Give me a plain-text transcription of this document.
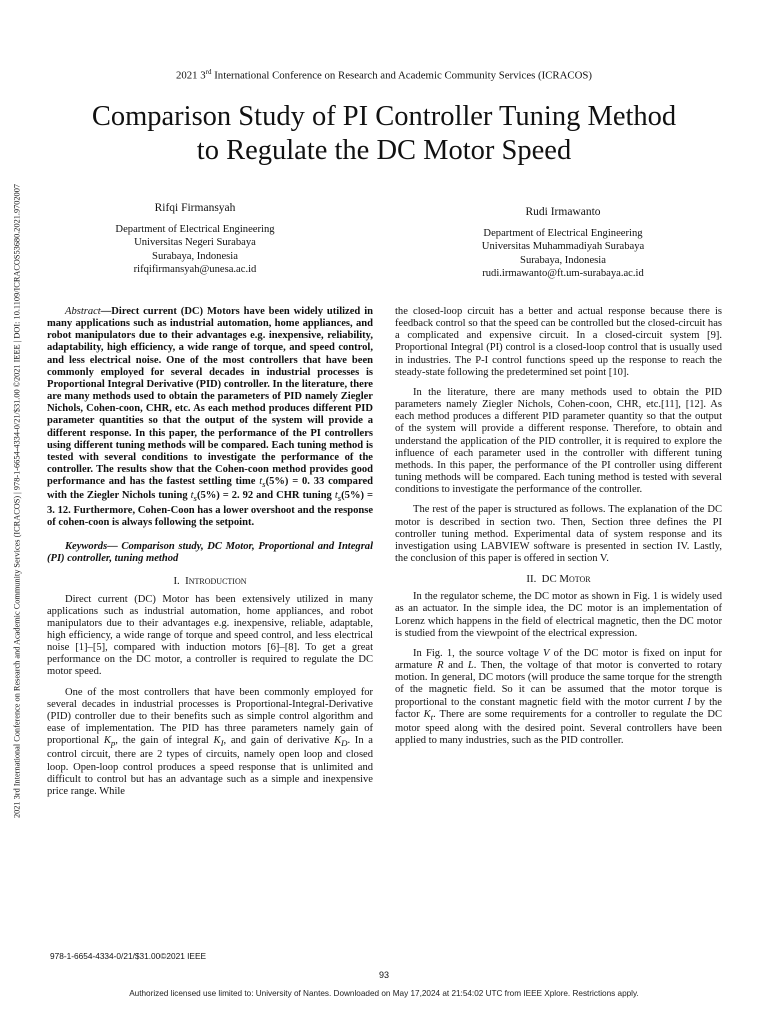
2021 3rd International Conference on Research and Academic Community Services (ICRACOS) | 978-1-6654-4334-0/21/$31.00 ©2021 IEEE | DOI: 10.1109/ICRACOS53680.2021.9702007
2021 3rd International Conference on Research and Academic Community Services (ICRACOS)
Comparison Study of PI Controller Tuning Method
to Regulate the DC Motor Speed
Rifqi Firmansyah
Department of Electrical Engineering
Universitas Negeri Surabaya
Surabaya, Indonesia
rifqifirmansyah@unesa.ac.id
Rudi Irmawanto
Department of Electrical Engineering
Universitas Muhammadiyah Surabaya
Surabaya, Indonesia
rudi.irmawanto@ft.um-surabaya.ac.id

Abstract—Direct current (DC) Motors have been widely utilized in many applications such as industrial automation, home appliances, and robot manipulators due to their advantages e.g. inexpensive, reliability, adaptability, high efficiency, a wide range of torque, and speed control, and less electrical noise. One of the most controllers that have been commonly employed for several decades in industrial processes is Proportional Integral Derivative (PID) controller. In the literature, there are many methods used to obtain the parameters of PID namely Ziegler Nichols, Cohen-coon, CHR, etc. As each method produces different PID parameter quantities so that the output of the system will provide a different response. In this paper, the performance of the PI controllers using different tuning methods will be compared. Each tuning method is tested with several conditions to investigate the performance of the controller. The results show that the Cohen-coon method provides good performance and has the fastest settling time $t_s(5\%) = 0$. 33 compared with the Ziegler Nichols tuning $t_s(5\%) = 2$. 92 and CHR tuning $t_s(5\%) = 3$. 12. Furthermore, Cohen-Coon has a lower overshoot and the response of cohen-coon is always following the setpoint.

Keywords— Comparison study, DC Motor, Proportional and Integral (PI) controller, tuning method

I. Introduction

Direct current (DC) Motor has been extensively utilized in many applications such as industrial automation, home appliances, and robot manipulators due to their advantages e.g. inexpensive, reliable, adaptable, high efficiency, a wide range of torque and speed control, and less electrical noise [1]–[5], compared with induction motors [6]–[8]. To get a great performance on the DC motor, a controller is required to regulate the DC motor speed.

One of the most controllers that have been commonly employed for several decades in industrial processes is Proportional-Integral-Derivative (PID) controller due to their benefits such as simple control algorithm and ease of implementation. The PID has three parameters namely gain of proportional $K_p$, the gain of integral $K_I$, and gain of derivative $K_D$. In a control circuit, there are 2 types of circuits, namely open loop and closed loop. Open-loop control produces a speed response that is unlimited and difficult to control but has an advantage such as a simple and inexpensive price range. While

the closed-loop circuit has a better and actual response because there is feedback control so that the speed can be controlled but the closed-circuit has a complicated and expensive circuit. In a closed-circuit system [9]. Proportional Integral (PI) control is a closed-loop control that is usually used in industries. The P-I control functions speed up the response to reach the steady-state following the predetermined set point [10].

In the literature, there are many methods used to obtain the PID parameters namely Ziegler Nichols, Cohen-coon, CHR, etc.[11], [12]. As each method produces a different PID parameter quantity so that the output of the system will provide a different response. Therefore, to obtain and understand the application of the PID controller, it is required to explore the influence of each parameter used in the controller with different tuning methods. In this paper, the performance of the PI controller using different tuning methods will be compared. Each tuning method is tested with several conditions to investigate the performance of the controller.

The rest of the paper is structured as follows. The explanation of the DC motor is described in section two. Then, Section three defines the PI controller tuning method. Experimental data of system response and its investigation using LABVIEW software is presented in section IV. Lastly, the conclusion of this paper is offered in section V.

II. DC Motor

In the regulator scheme, the DC motor as shown in Fig. 1 is widely used as an actuator. In the simple idea, the DC motor is an implementation of Lorenz which happens in the field of electrical magnetic, then the DC motor is studied from the viewpoint of the electrical expression.

In Fig. 1, the source voltage V of the DC motor is fixed on input for armature R and L. Then, the voltage of that motor is converted to rotary motion. In general, DC motors (will produce the same torque for the strength of the magnetic field. So it can be assumed that the motor torque is proportional to the constant magnetic field with the motor current I by the factor $K_t$. There are some requirements for a controller to regulate the DC motor speed along with the desired point. Several controllers have been applied to many industries, such as the PID controller.

978-1-6654-4334-0/21/$31.00©2021 IEEE
93
Authorized licensed use limited to: University of Nantes. Downloaded on May 17,2024 at 21:54:02 UTC from IEEE Xplore. Restrictions apply.
